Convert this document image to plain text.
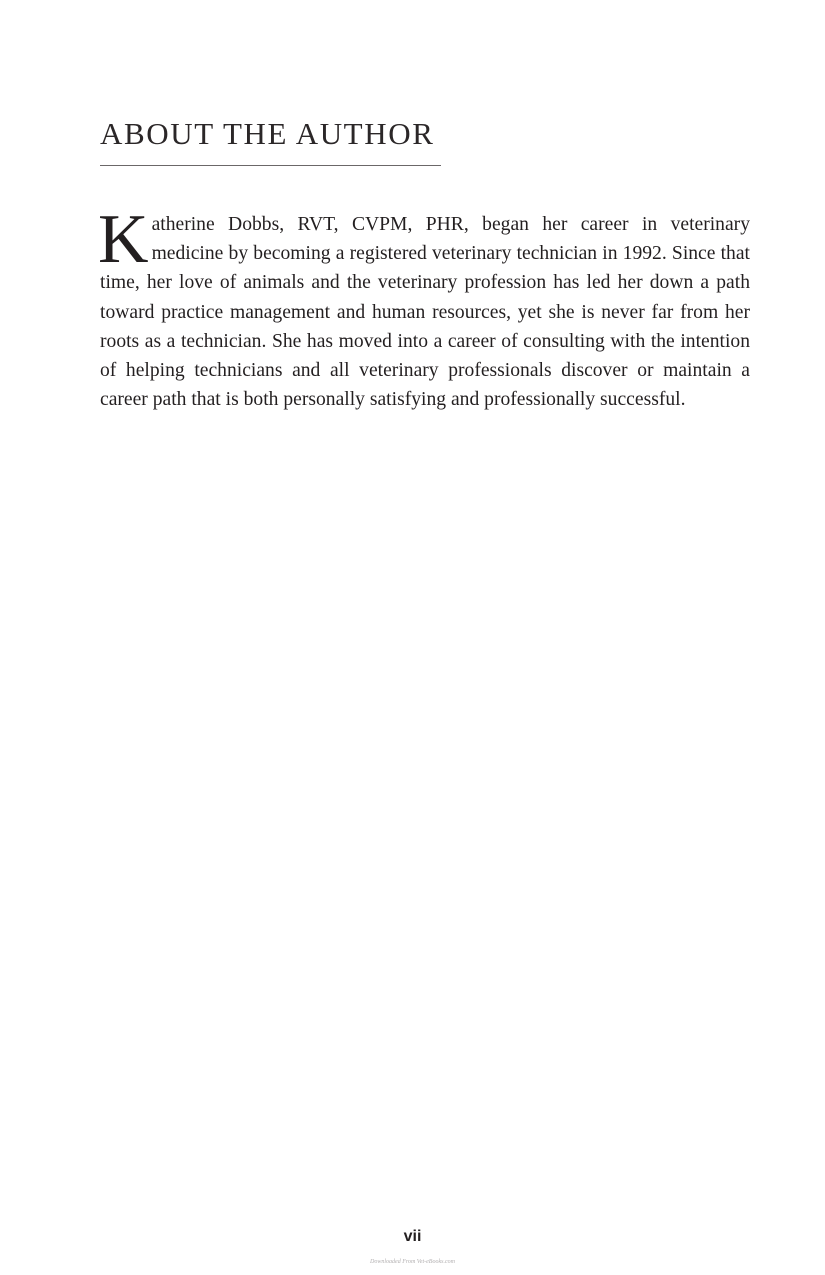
ABOUT THE AUTHOR

Katherine Dobbs, RVT, CVPM, PHR, began her career in veterinary medicine by becoming a registered veterinary technician in 1992. Since that time, her love of animals and the veterinary profession has led her down a path toward practice management and human resources, yet she is never far from her roots as a technician. She has moved into a career of consulting with the intention of helping technicians and all veterinary professionals discover or maintain a career path that is both personally satisfying and professionally successful.

vii
Downloaded From Vet-eBooks.com
